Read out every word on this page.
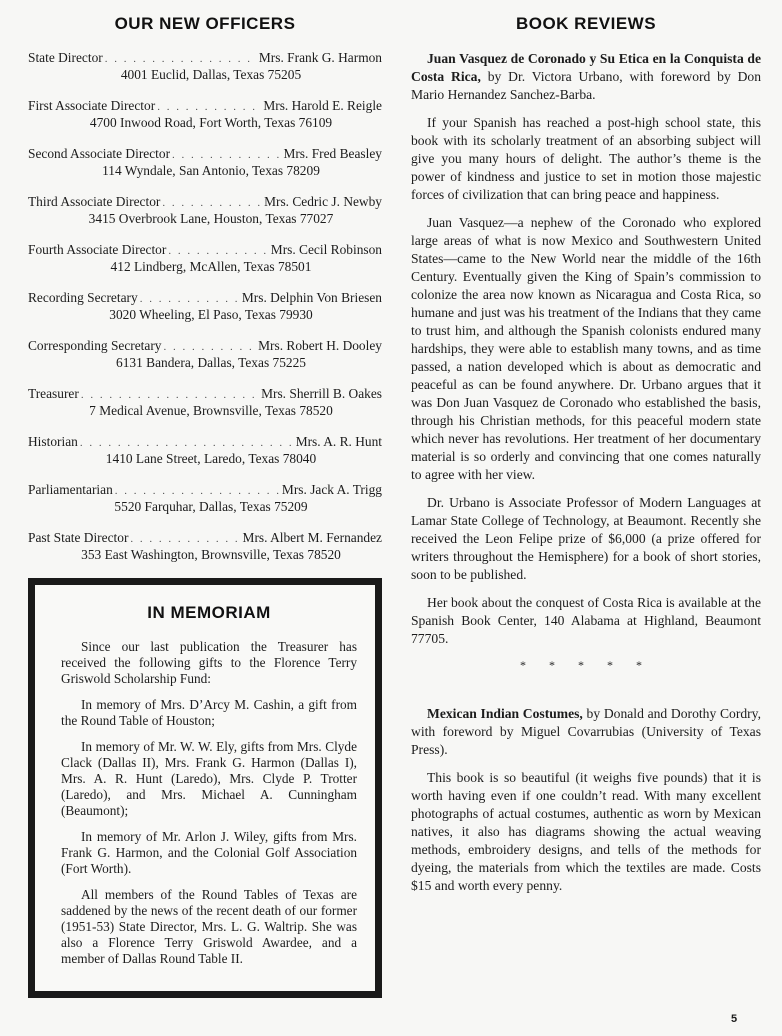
OUR NEW OFFICERS
State Director . . .	Mrs. Frank G. Harmon
4001 Euclid, Dallas, Texas 75205
First Associate Director . . .	Mrs. Harold E. Reigle
4700 Inwood Road, Fort Worth, Texas 76109
Second Associate Director . . .	Mrs. Fred Beasley
114 Wyndale, San Antonio, Texas 78209
Third Associate Director . . .	Mrs. Cedric J. Newby
3415 Overbrook Lane, Houston, Texas 77027
Fourth Associate Director . . .	Mrs. Cecil Robinson
412 Lindberg, McAllen, Texas 78501
Recording Secretary . . .	Mrs. Delphin Von Briesen
3020 Wheeling, El Paso, Texas 79930
Corresponding Secretary . . .	Mrs. Robert H. Dooley
6131 Bandera, Dallas, Texas 75225
Treasurer . . .	Mrs. Sherrill B. Oakes
7 Medical Avenue, Brownsville, Texas 78520
Historian . . .	Mrs. A. R. Hunt
1410 Lane Street, Laredo, Texas 78040
Parliamentarian . . .	Mrs. Jack A. Trigg
5520 Farquhar, Dallas, Texas 75209
Past State Director . . .	Mrs. Albert M. Fernandez
353 East Washington, Brownsville, Texas 78520
IN MEMORIAM

Since our last publication the Treasurer has received the following gifts to the Florence Terry Griswold Scholarship Fund:

In memory of Mrs. D’Arcy M. Cashin, a gift from the Round Table of Houston;

In memory of Mr. W. W. Ely, gifts from Mrs. Clyde Clack (Dallas II), Mrs. Frank G. Harmon (Dallas I), Mrs. A. R. Hunt (Laredo), Mrs. Clyde P. Trotter (Laredo), and Mrs. Michael A. Cunningham (Beaumont);

In memory of Mr. Arlon J. Wiley, gifts from Mrs. Frank G. Harmon, and the Colonial Golf Association (Fort Worth).

All members of the Round Tables of Texas are saddened by the news of the recent death of our former (1951-53) State Director, Mrs. L. G. Waltrip. She was also a Florence Terry Griswold Awardee, and a member of Dallas Round Table II.

BOOK REVIEWS

Juan Vasquez de Coronado y Su Etica en la Conquista de Costa Rica, by Dr. Victora Urbano, with foreword by Don Mario Hernandez Sanchez-Barba.

If your Spanish has reached a post-high school state, this book with its scholarly treatment of an absorbing subject will give you many hours of delight. The author’s theme is the power of kindness and justice to set in motion those majestic forces of civilization that can bring peace and happiness.

Juan Vasquez—a nephew of the Coronado who explored large areas of what is now Mexico and Southwestern United States—came to the New World near the middle of the 16th Century. Eventually given the King of Spain’s commission to colonize the area now known as Nicaragua and Costa Rica, so humane and just was his treatment of the Indians that they came to trust him, and although the Spanish colonists endured many hardships, they were able to establish many towns, and as time passed, a nation developed which is about as democratic and peaceful as can be found anywhere. Dr. Urbano argues that it was Don Juan Vasquez de Coronado who established the basis, through his Christian methods, for this peaceful modern state which never has revolutions. Her treatment of her documentary material is so orderly and convincing that one comes naturally to agree with her view.

Dr. Urbano is Associate Professor of Modern Languages at Lamar State College of Technology, at Beaumont. Recently she received the Leon Felipe prize of $6,000 (a prize offered for writers throughout the Hemisphere) for a book of short stories, soon to be published.

Her book about the conquest of Costa Rica is available at the Spanish Book Center, 140 Alabama at Highland, Beaumont 77705.

* * * * *

Mexican Indian Costumes, by Donald and Dorothy Cordry, with foreword by Miguel Covarrubias (University of Texas Press).

This book is so beautiful (it weighs five pounds) that it is worth having even if one couldn’t read. With many excellent photographs of actual costumes, authentic as worn by Mexican natives, it also has diagrams showing the actual weaving methods, embroidery designs, and tells of the methods for dyeing, the materials from which the textiles are made. Costs $15 and worth every penny.

5
